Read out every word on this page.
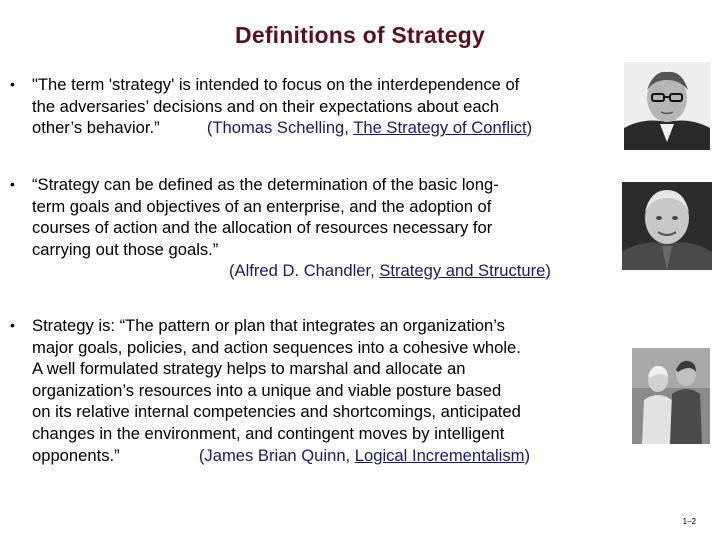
Definitions of Strategy
• "The term 'strategy' is intended to focus on the interdependence of
the adversaries’ decisions and on their expectations about each
other’s behavior.”	(Thomas Schelling, The Strategy of Conflict)
• “Strategy can be defined as the determination of the basic long-
term goals and objectives of an enterprise, and the adoption of
courses of action and the allocation of resources necessary for
carrying out those goals.”
(Alfred D. Chandler, Strategy and Structure)
• Strategy is: “The pattern or plan that integrates an organization’s
major goals, policies, and action sequences into a cohesive whole.
A well formulated strategy helps to marshal and allocate an
organization’s resources into a unique and viable posture based
on its relative internal competencies and shortcomings, anticipated
changes in the environment, and contingent moves by intelligent
opponents.”	(James Brian Quinn, Logical Incrementalism)
1–2
